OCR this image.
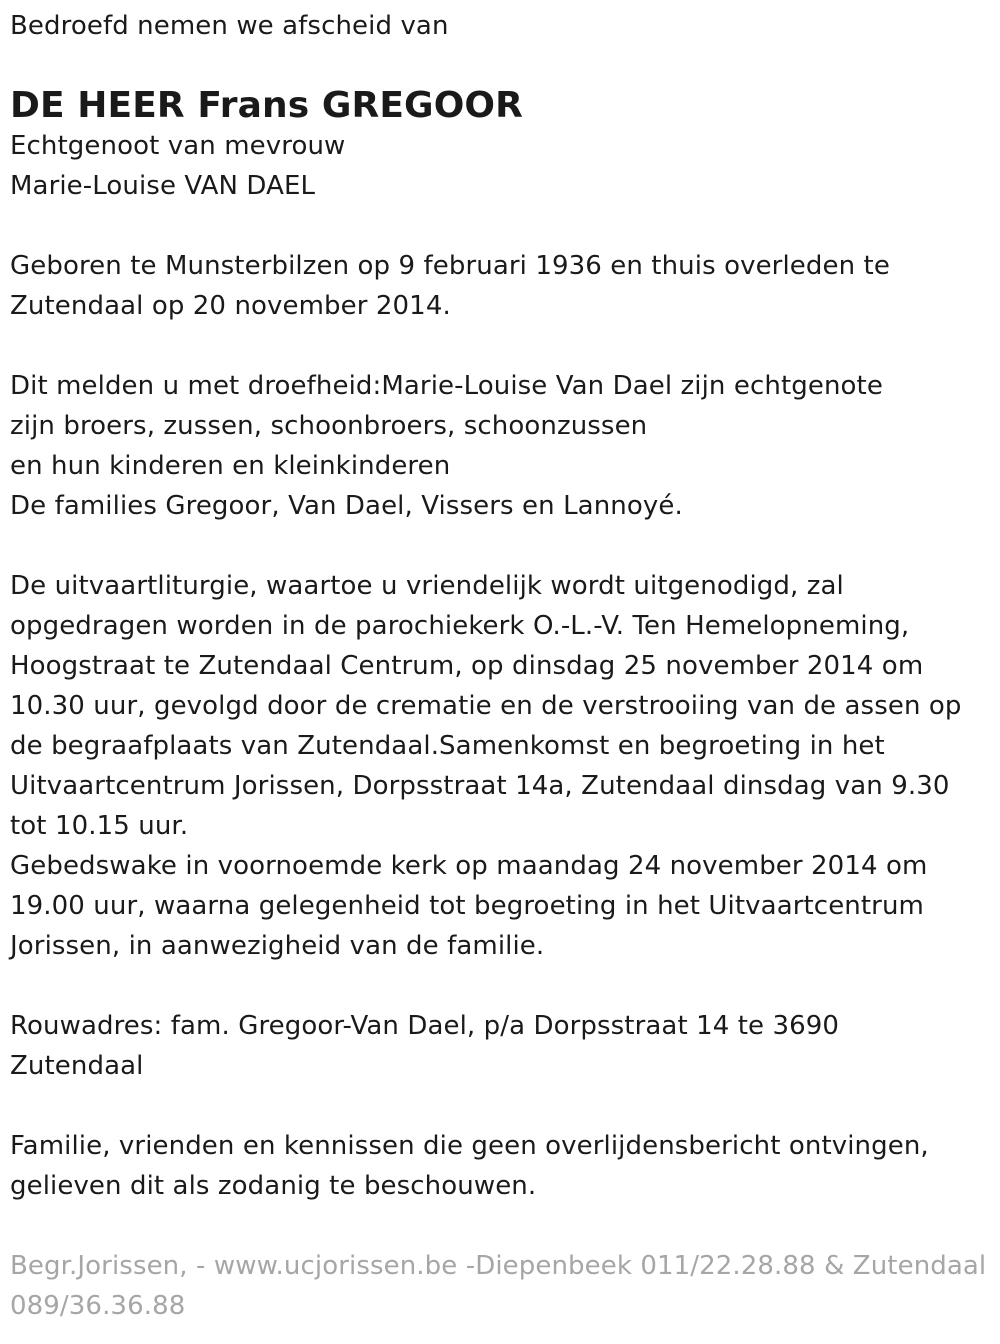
Bedroefd nemen we afscheid van

DE HEER Frans GREGOOR

Echtgenoot van mevrouw

Marie-Louise VAN DAEL

Geboren te Munsterbilzen op 9 februari 1936 en thuis overleden te
Zutendaal op 20 november 2014.
Dit melden u met droefheid:Marie-Louise Van Dael zijn echtgenote
zijn broers, zussen, schoonbroers, schoonzussen
en hun kinderen en kleinkinderen
De families Gregoor, Van Dael, Vissers en Lannoyé.
De uitvaartliturgie, waartoe u vriendelijk wordt uitgenodigd, zal
opgedragen worden in de parochiekerk O.-L.-V. Ten Hemelopneming,
Hoogstraat te Zutendaal Centrum, op dinsdag 25 november 2014 om
10.30 uur, gevolgd door de crematie en de verstrooiing van de assen op
de begraafplaats van Zutendaal.Samenkomst en begroeting in het
Uitvaartcentrum Jorissen, Dorpsstraat 14a, Zutendaal dinsdag van 9.30
tot 10.15 uur.
Gebedswake in voornoemde kerk op maandag 24 november 2014 om
19.00 uur, waarna gelegenheid tot begroeting in het Uitvaartcentrum
Jorissen, in aanwezigheid van de familie.
Rouwadres: fam. Gregoor-Van Dael, p/a Dorpsstraat 14 te 3690
Zutendaal
Familie, vrienden en kennissen die geen overlijdensbericht ontvingen,
gelieven dit als zodanig te beschouwen.
Begr.Jorissen, - www.ucjorissen.be -Diepenbeek 011/22.28.88 & Zutendaal
089/36.36.88
